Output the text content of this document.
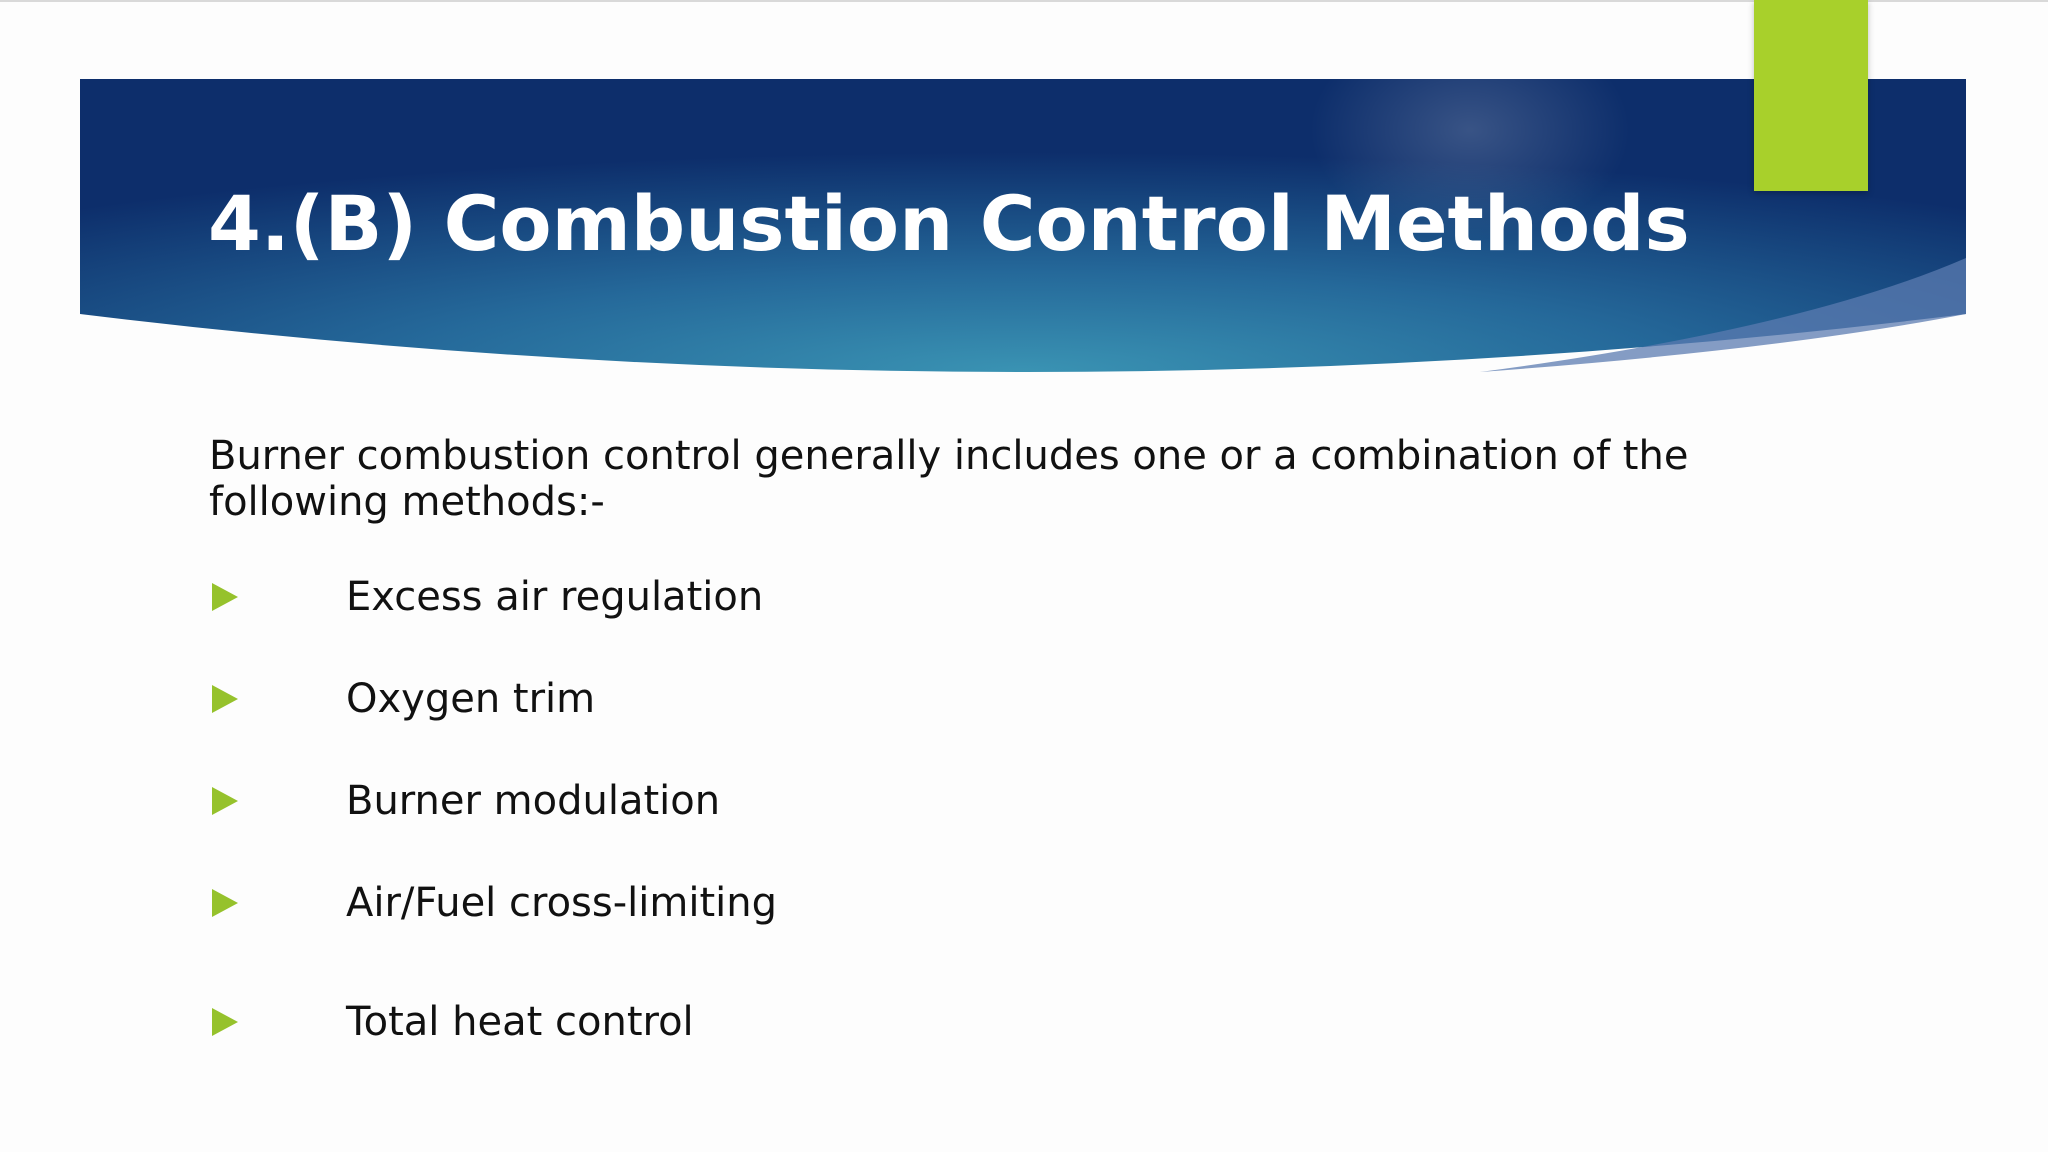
4.(B) Combustion Control Methods

Burner combustion control generally includes one or a combination of the following methods:-

Excess air regulation
Oxygen trim
Burner modulation
Air/Fuel cross-limiting
Total heat control
